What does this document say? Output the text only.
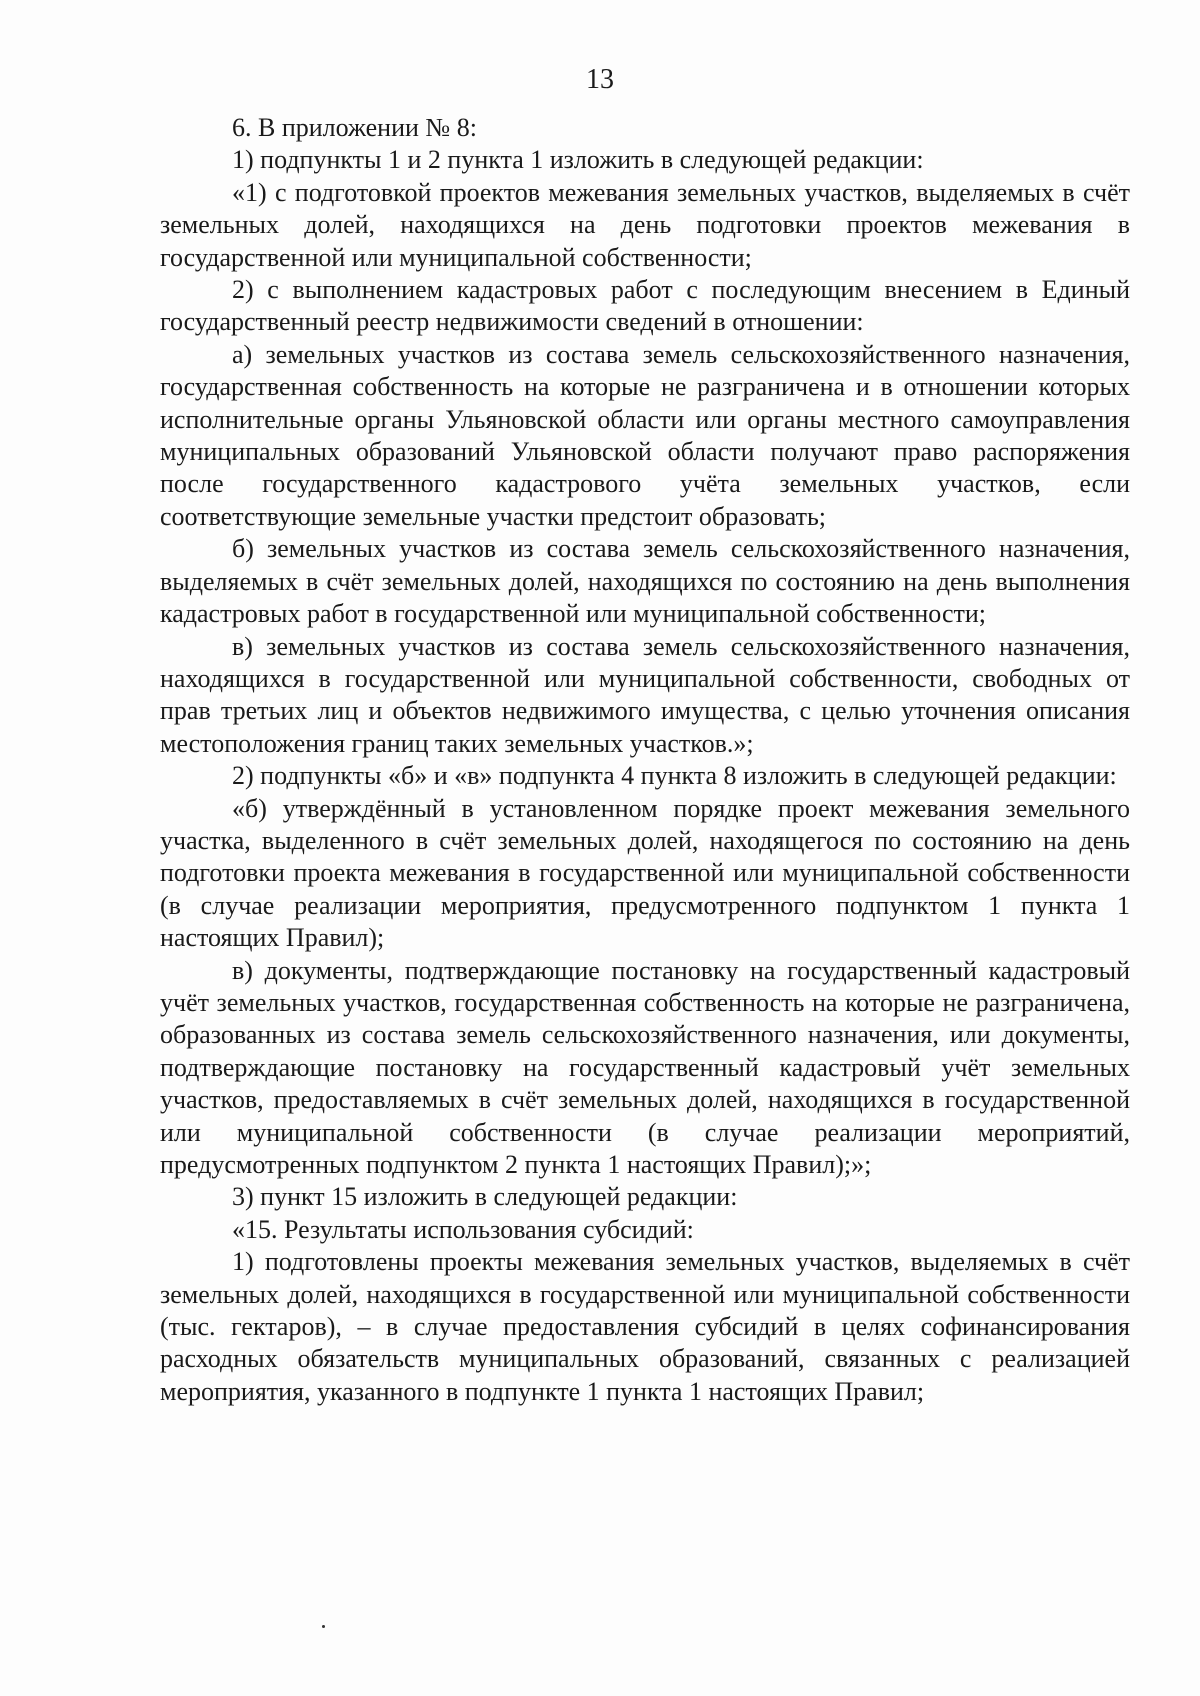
13

6. В приложении № 8:

1) подпункты 1 и 2 пункта 1 изложить в следующей редакции:

«1) с подготовкой проектов межевания земельных участков, выделяемых в счёт земельных долей, находящихся на день подготовки проектов межевания в государственной или муниципальной собственности;

2) с выполнением кадастровых работ с последующим внесением в Единый государственный реестр недвижимости сведений в отношении:

а) земельных участков из состава земель сельскохозяйственного назначения, государственная собственность на которые не разграничена и в отношении которых исполнительные органы Ульяновской области или органы местного самоуправления муниципальных образований Ульяновской области получают право распоряжения после государственного кадастрового учёта земельных участков, если соответствующие земельные участки предстоит образовать;

б) земельных участков из состава земель сельскохозяйственного назначения, выделяемых в счёт земельных долей, находящихся по состоянию на день выполнения кадастровых работ в государственной или муниципальной собственности;

в) земельных участков из состава земель сельскохозяйственного назначения, находящихся в государственной или муниципальной собственности, свободных от прав третьих лиц и объектов недвижимого имущества, с целью уточнения описания местоположения границ таких земельных участков.»;

2) подпункты «б» и «в» подпункта 4 пункта 8 изложить в следующей редакции:

«б) утверждённый в установленном порядке проект межевания земельного участка, выделенного в счёт земельных долей, находящегося по состоянию на день подготовки проекта межевания в государственной или муниципальной собственности (в случае реализации мероприятия, предусмотренного подпунктом 1 пункта 1 настоящих Правил);

в) документы, подтверждающие постановку на государственный кадастровый учёт земельных участков, государственная собственность на которые не разграничена, образованных из состава земель сельскохозяйственного назначения, или документы, подтверждающие постановку на государственный кадастровый учёт земельных участков, предоставляемых в счёт земельных долей, находящихся в государственной или муниципальной собственности (в случае реализации мероприятий, предусмотренных подпунктом 2 пункта 1 настоящих Правил);»;

3) пункт 15 изложить в следующей редакции:

«15. Результаты использования субсидий:

1) подготовлены проекты межевания земельных участков, выделяемых в счёт земельных долей, находящихся в государственной или муниципальной собственности (тыс. гектаров), – в случае предоставления субсидий в целях софинансирования расходных обязательств муниципальных образований, связанных с реализацией мероприятия, указанного в подпункте 1 пункта 1 настоящих Правил;
